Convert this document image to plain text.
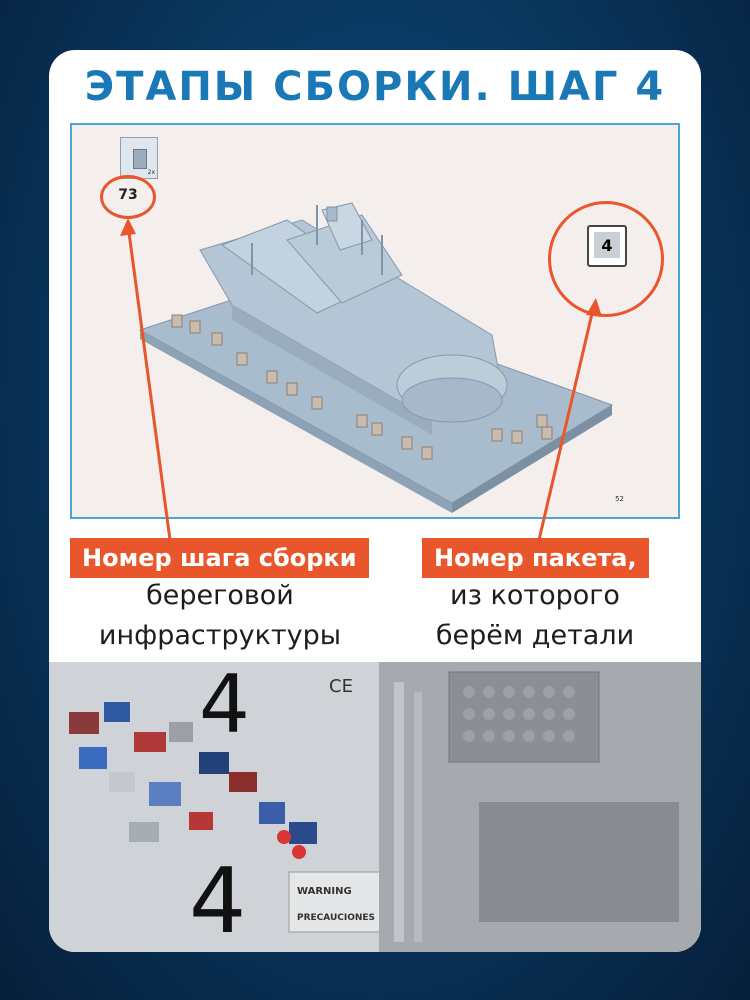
ЭТАПЫ СБОРКИ. ШАГ 4
2x
73
4
52
Номер шага сборки
береговой
инфраструктуры
Номер пакета,
из которого
берём детали
4
4
CE
WARNING
PRECAUCIONES
